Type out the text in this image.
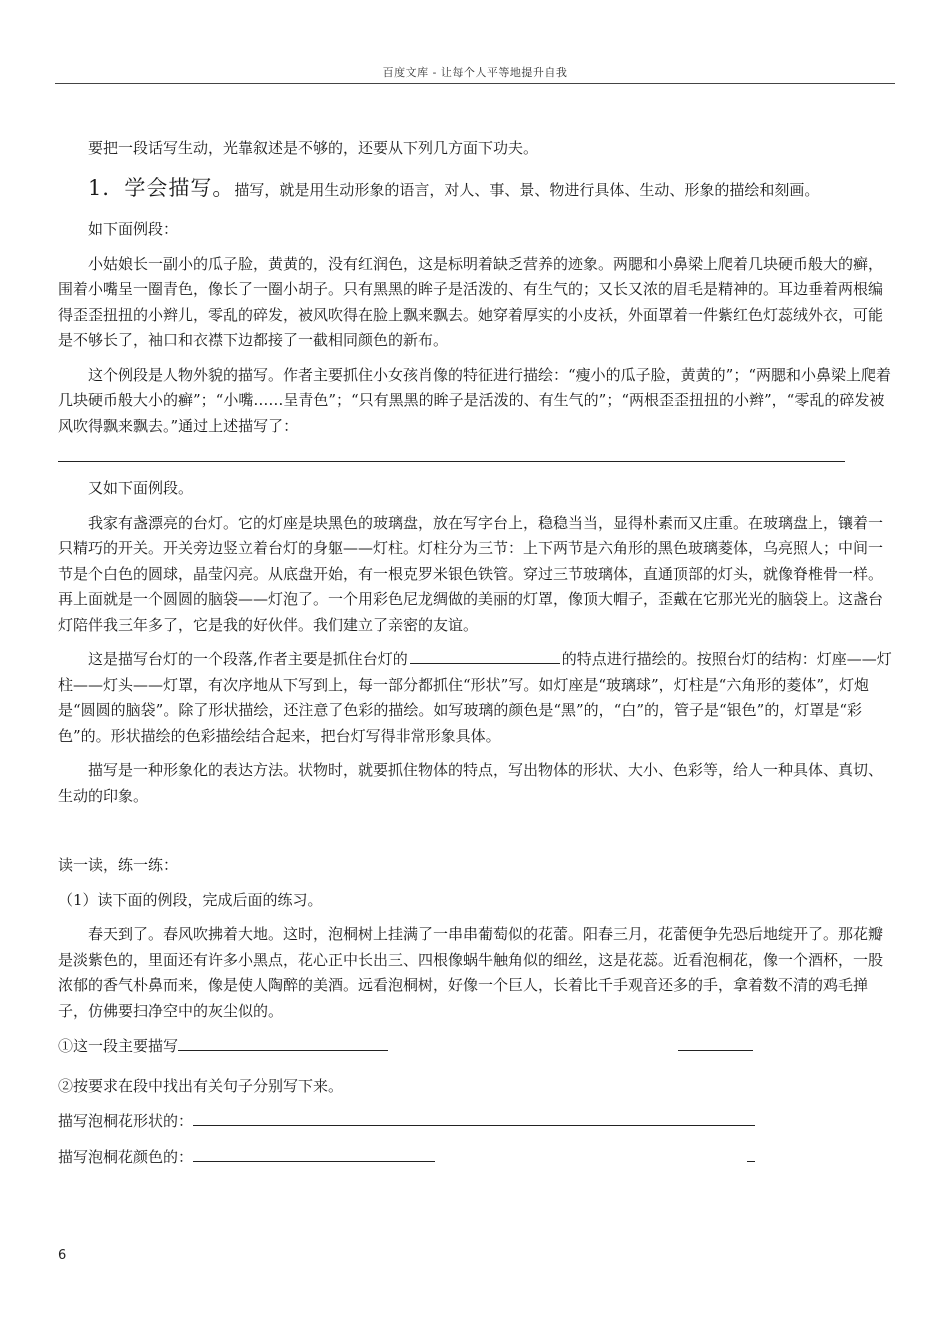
百度文库 - 让每个人平等地提升自我

要把一段话写生动，光靠叙述是不够的，还要从下列几方面下功夫。

1．学会描写。描写，就是用生动形象的语言，对人、事、景、物进行具体、生动、形象的描绘和刻画。

如下面例段：

小姑娘长一副小的瓜子脸，黄黄的，没有红润色，这是标明着缺乏营养的迹象。两腮和小鼻梁上爬着几块硬币般大的癣，围着小嘴呈一圈青色，像长了一圈小胡子。只有黑黑的眸子是活泼的、有生气的；又长又浓的眉毛是精神的。耳边垂着两根编得歪歪扭扭的小辫儿，零乱的碎发，被风吹得在脸上飘来飘去。她穿着厚实的小皮袄，外面罩着一件紫红色灯蕊绒外衣，可能是不够长了，袖口和衣襟下边都接了一截相同颜色的新布。

这个例段是人物外貌的描写。作者主要抓住小女孩肖像的特征进行描绘：“瘦小的瓜子脸，黄黄的”；“两腮和小鼻梁上爬着几块硬币般大小的癣”；“小嘴……呈青色”；“只有黑黑的眸子是活泼的、有生气的”；“两根歪歪扭扭的小辫”，“零乱的碎发被风吹得飘来飘去。”通过上述描写了：

又如下面例段。

我家有盏漂亮的台灯。它的灯座是块黑色的玻璃盘，放在写字台上，稳稳当当，显得朴素而又庄重。在玻璃盘上，镶着一只精巧的开关。开关旁边竖立着台灯的身躯——灯柱。灯柱分为三节：上下两节是六角形的黑色玻璃菱体，乌亮照人；中间一节是个白色的圆球，晶莹闪亮。从底盘开始，有一根克罗米银色铁管。穿过三节玻璃体，直通顶部的灯头，就像脊椎骨一样。再上面就是一个圆圆的脑袋——灯泡了。一个用彩色尼龙绸做的美丽的灯罩，像顶大帽子，歪戴在它那光光的脑袋上。这盏台灯陪伴我三年多了，它是我的好伙伴。我们建立了亲密的友谊。

这是描写台灯的一个段落,作者主要是抓住台灯的	的特点进行描绘的。按照台灯的结构：灯座——灯柱——灯头——灯罩，有次序地从下写到上，每一部分都抓住“形状”写。如灯座是“玻璃球”，灯柱是“六角形的菱体”，灯炮是“圆圆的脑袋”。除了形状描绘，还注意了色彩的描绘。如写玻璃的颜色是“黑”的，“白”的，管子是“银色”的，灯罩是“彩色”的。形状描绘的色彩描绘结合起来，把台灯写得非常形象具体。

描写是一种形象化的表达方法。状物时，就要抓住物体的特点，写出物体的形状、大小、色彩等，给人一种具体、真切、生动的印象。

读一读，练一练：

（1）读下面的例段，完成后面的练习。

春天到了。春风吹拂着大地。这时，泡桐树上挂满了一串串葡萄似的花蕾。阳春三月，花蕾便争先恐后地绽开了。那花瓣是淡紫色的，里面还有许多小黑点，花心正中长出三、四根像蜗牛触角似的细丝，这是花蕊。近看泡桐花，像一个酒杯，一股浓郁的香气朴鼻而来，像是使人陶醉的美酒。远看泡桐树，好像一个巨人，长着比千手观音还多的手，拿着数不清的鸡毛掸子，仿佛要扫净空中的灰尘似的。

①这一段主要描写

②按要求在段中找出有关句子分别写下来。

描写泡桐花形状的：

描写泡桐花颜色的：

6
